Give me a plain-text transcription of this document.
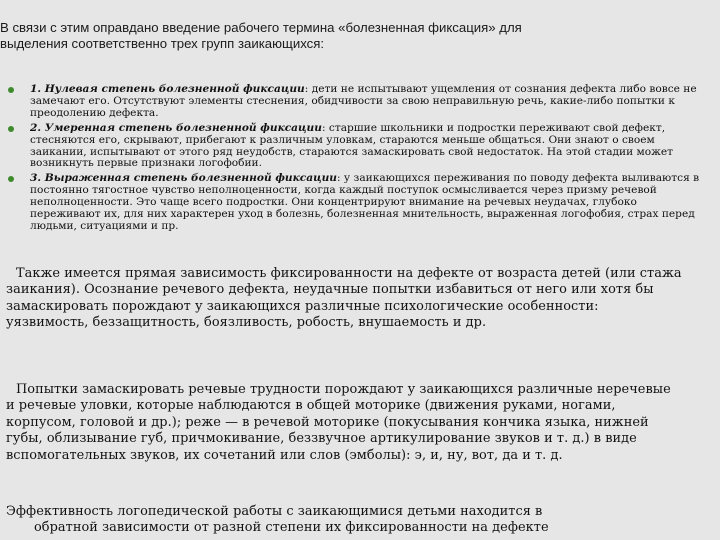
В связи с этим оправдано введение рабочего термина «болезненная фиксация» для
выделения соответственно трех групп заикающихся:
1. Нулевая степень болезненной фиксации: дети не испытывают ущемления от сознания дефекта либо вовсе не замечают его. Отсутствуют элементы стеснения, обидчивости за свою неправильную речь, какие-либо попытки к преодолению дефекта.
2. Умеренная степень болезненной фиксации: старшие школьники и подростки переживают свой дефект, стесняются его, скрывают, прибегают к различным уловкам, стараются меньше общаться. Они знают о своем заикании, испытывают от этого ряд неудобств, стараются замаскировать свой недостаток. На этой стадии может возникнуть первые признаки логофобии.
3. Выраженная степень болезненной фиксации: у заикающихся переживания по поводу дефекта выливаются в постоянно тягостное чувство неполноценности, когда каждый поступок осмысливается через призму речевой неполноценности. Это чаще всего подростки. Они концентрируют внимание на речевых неудачах, глубоко переживают их, для них характерен уход в болезнь, болезненная мнительность, выраженная логофобия, страх перед людьми, ситуациями и пр.
Также имеется прямая зависимость фиксированности на дефекте от возраста детей (или стажа
заикания). Осознание речевого дефекта, неудачные попытки избавиться от него или хотя бы
замаскировать порождают у заикающихся различные психологические особенности:
уязвимость, беззащитность, боязливость, робость, внушаемость и др.
Попытки замаскировать речевые трудности порождают у заикающихся различные неречевые
и речевые уловки, которые наблюдаются в общей моторике (движения руками, ногами,
корпусом, головой и др.); реже — в речевой моторике (покусывания кончика языка, нижней
губы, облизывание губ, причмокивание, беззвучное артикулирование звуков и т. д.) в виде
вспомогательных звуков, их сочетаний или слов (эмболы): э, и, ну, вот, да и т. д.
Эффективность логопедической работы с заикающимися детьми находится в
обратной зависимости от разной степени их фиксированности на дефекте
